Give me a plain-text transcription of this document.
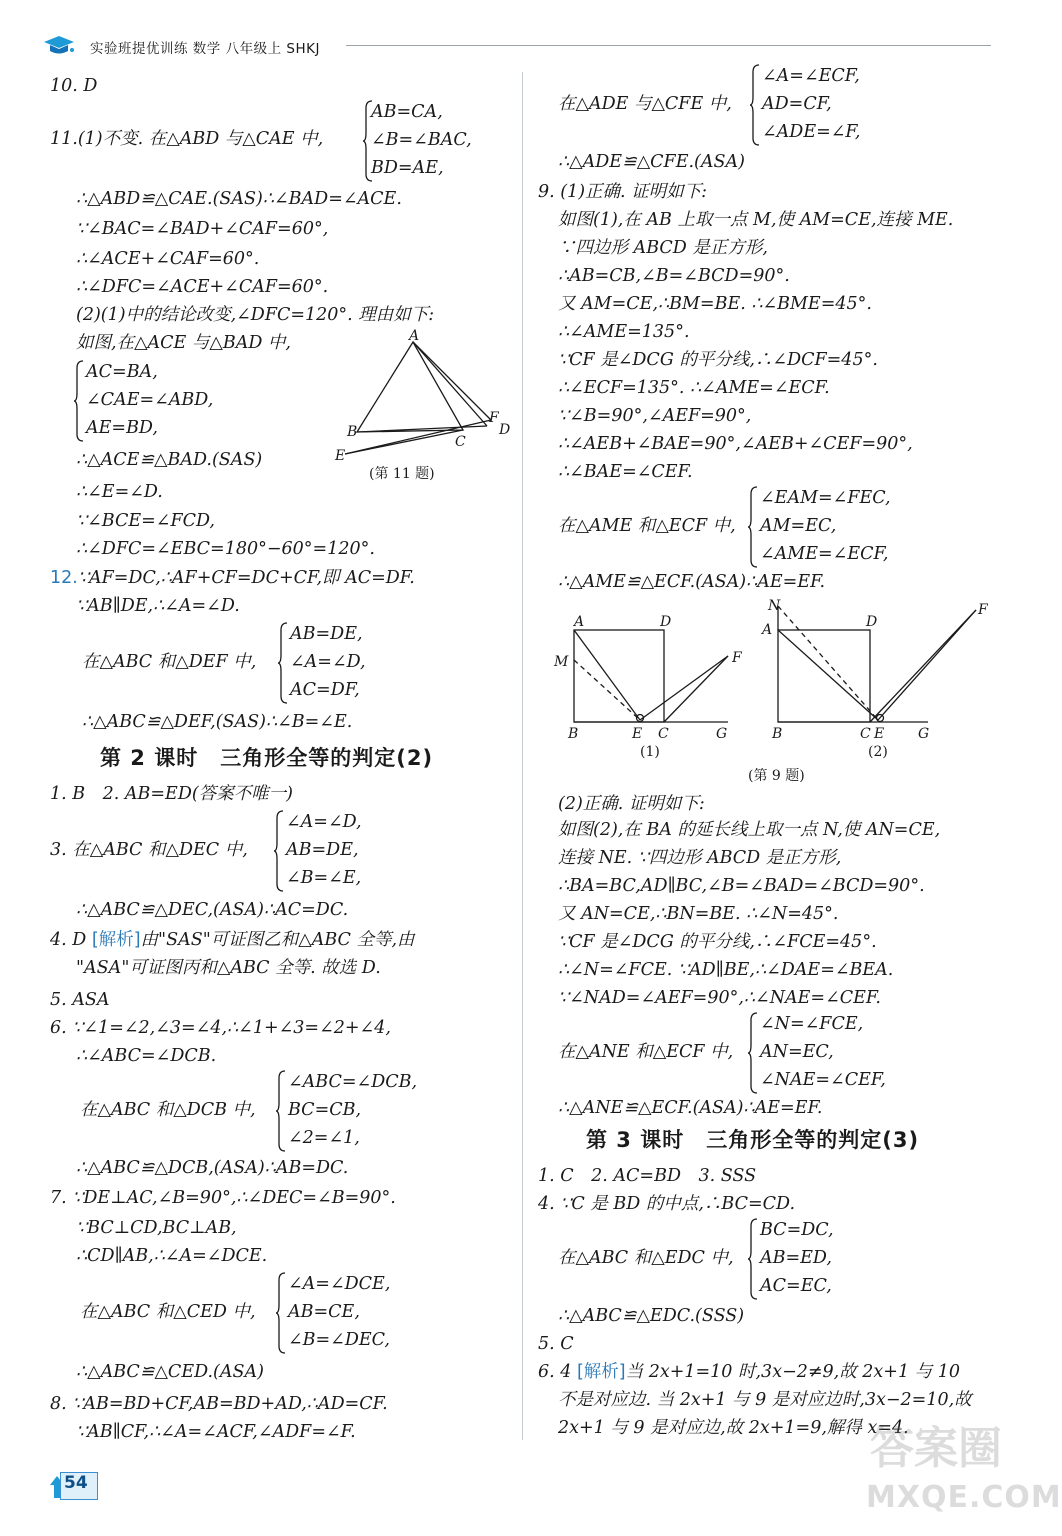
实验班提优训练 数学 八年级上 SHKJ
10. D
11.(1)不变. 在△ABD 与△CAE 中,
AB=CA,
∠B=∠BAC,
BD=AE,
∴△ABD≌△CAE.(SAS)∴∠BAD=∠ACE.
∵∠BAC=∠BAD+∠CAF=60°,
∴∠ACE+∠CAF=60°.
∴∠DFC=∠ACE+∠CAF=60°.
(2)(1)中的结论改变,∠DFC=120°. 理由如下:
如图,在△ACE 与△BAD 中,
AC=BA,
∠CAE=∠ABD,
AE=BD,
∴△ACE≌△BAD.(SAS)
∴∠E=∠D.
∵∠BCE=∠FCD,
∴∠DFC=∠EBC=180°−60°=120°.
A
B
C
D
E
F
(第 11 题)
12.∵AF=DC,∴AF+CF=DC+CF,即 AC=DF.
∵AB∥DE,∴∠A=∠D.
在△ABC 和△DEF 中,
AB=DE,
∠A=∠D,
AC=DF,
∴△ABC≌△DEF,(SAS)∴∠B=∠E.
第 2 课时　三角形全等的判定(2)
1. B　2. AB=ED(答案不唯一)
3. 在△ABC 和△DEC 中,
∠A=∠D,
AB=DE,
∠B=∠E,
∴△ABC≌△DEC,(ASA)∴AC=DC.
4. D [解析]由"SAS"可证图乙和△ABC 全等,由
"ASA"可证图丙和△ABC 全等. 故选 D.
5. ASA
6. ∵∠1=∠2,∠3=∠4,∴∠1+∠3=∠2+∠4,
∴∠ABC=∠DCB.
在△ABC 和△DCB 中,
∠ABC=∠DCB,
BC=CB,
∠2=∠1,
∴△ABC≌△DCB,(ASA)∴AB=DC.
7. ∵DE⊥AC,∠B=90°,∴∠DEC=∠B=90°.
∵BC⊥CD,BC⊥AB,
∴CD∥AB,∴∠A=∠DCE.
在△ABC 和△CED 中,
∠A=∠DCE,
AB=CE,
∠B=∠DEC,
∴△ABC≌△CED.(ASA)
8. ∵AB=BD+CF,AB=BD+AD,∴AD=CF.
∵AB∥CF,∴∠A=∠ACF,∠ADF=∠F.
在△ADE 与△CFE 中,
∠A=∠ECF,
AD=CF,
∠ADE=∠F,
∴△ADE≌△CFE.(ASA)
9. (1)正确. 证明如下:
如图(1),在 AB 上取一点 M,使 AM=CE,连接 ME.
∵四边形 ABCD 是正方形,
∴AB=CB,∠B=∠BCD=90°.
又 AM=CE,∴BM=BE. ∴∠BME=45°.
∴∠AME=135°.
∵CF 是∠DCG 的平分线,∴∠DCF=45°.
∴∠ECF=135°. ∴∠AME=∠ECF.
∵∠B=90°,∠AEF=90°,
∴∠AEB+∠BAE=90°,∠AEB+∠CEF=90°,
∴∠BAE=∠CEF.
在△AME 和△ECF 中,
∠EAM=∠FEC,
AM=EC,
∠AME=∠ECF,
∴△AME≌△ECF.(ASA)∴AE=EF.
A	D
M
B	E C	G
F
(1)
A
N
D
B	C E G
F
(2)
(第 9 题)
(2)正确. 证明如下:
如图(2),在 BA 的延长线上取一点 N,使 AN=CE,
连接 NE. ∵四边形 ABCD 是正方形,
∴BA=BC,AD∥BC,∠B=∠BAD=∠BCD=90°.
又 AN=CE,∴BN=BE. ∴∠N=45°.
∵CF 是∠DCG 的平分线,∴∠FCE=45°.
∴∠N=∠FCE. ∵AD∥BE,∴∠DAE=∠BEA.
∵∠NAD=∠AEF=90°,∴∠NAE=∠CEF.
在△ANE 和△ECF 中,
∠N=∠FCE,
AN=EC,
∠NAE=∠CEF,
∴△ANE≌△ECF.(ASA)∴AE=EF.
第 3 课时　三角形全等的判定(3)
1. C　2. AC=BD　3. SSS
4. ∵C 是 BD 的中点,∴BC=CD.
在△ABC 和△EDC 中,
BC=DC,
AB=ED,
AC=EC,
∴△ABC≌△EDC.(SSS)
5. C
6. 4 [解析]当 2x+1=10 时,3x−2≠9,故 2x+1 与 10
不是对应边. 当 2x+1 与 9 是对应边时,3x−2=10,故
2x+1 与 9 是对应边,故 2x+1=9,解得 x=4.
54
答案圈
MXQE.COM
